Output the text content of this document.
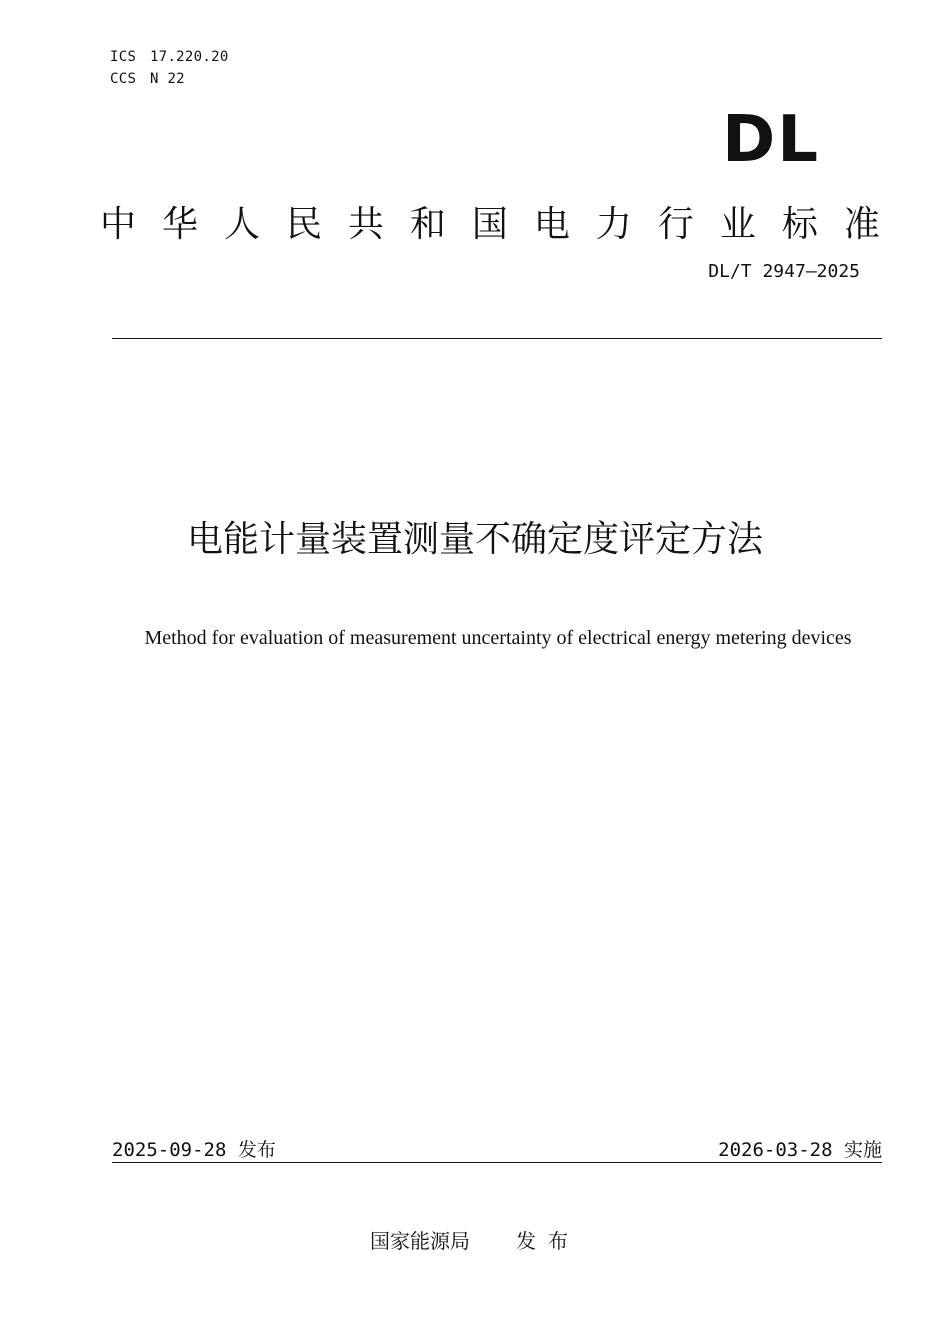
ICS 17.220.20
CCS N 22
DL
中 华 人 民 共 和 国 电 力 行 业 标 准
DL/T 2947—2025
电能计量装置测量不确定度评定方法
Method for evaluation of measurement uncertainty of electrical energy metering devices
2025-09-28 发布	2026-03-28 实施
国家能源局 发布
